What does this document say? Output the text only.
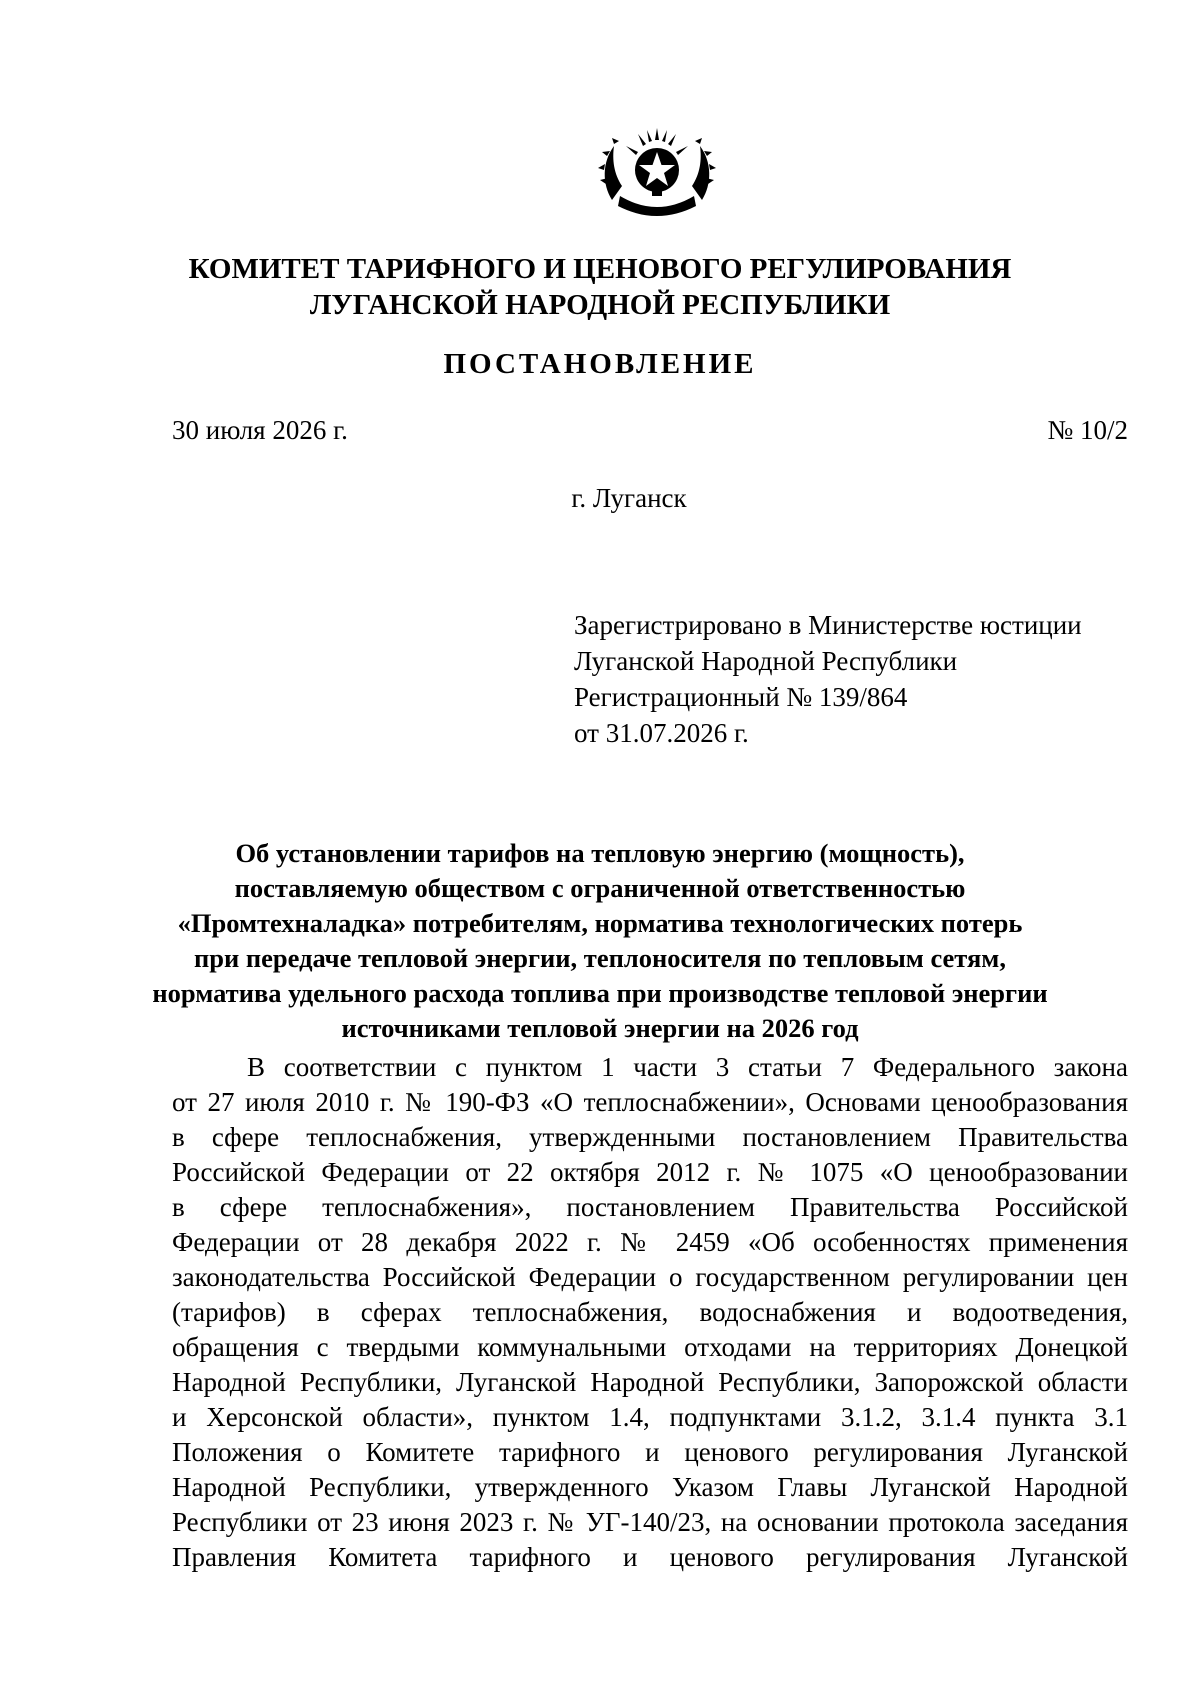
КОМИТЕТ ТАРИФНОГО И ЦЕНОВОГО РЕГУЛИРОВАНИЯ
ЛУГАНСКОЙ НАРОДНОЙ РЕСПУБЛИКИ
ПОСТАНОВЛЕНИЕ
30 июля 2026 г.	№ 10/2
г. Луганск
Зарегистрировано в Министерстве юстиции
Луганской Народной Республики
Регистрационный № 139/864
от 31.07.2026 г.
Об установлении тарифов на тепловую энергию (мощность),
поставляемую обществом с ограниченной ответственностью
«Промтехналадка» потребителям, норматива технологических потерь
при передаче тепловой энергии, теплоносителя по тепловым сетям,
норматива удельного расхода топлива при производстве тепловой энергии
источниками тепловой энергии на 2026 год
В соответствии с пунктом 1 части 3 статьи 7 Федерального закона
от 27 июля 2010 г. № 190-ФЗ «О теплоснабжении», Основами ценообразования
в сфере теплоснабжения, утвержденными постановлением Правительства
Российской Федерации от 22 октября 2012 г. № 1075 «О ценообразовании
в сфере теплоснабжения», постановлением Правительства Российской
Федерации от 28 декабря 2022 г. № 2459 «Об особенностях применения
законодательства Российской Федерации о государственном регулировании цен
(тарифов) в сферах теплоснабжения, водоснабжения и водоотведения,
обращения с твердыми коммунальными отходами на территориях Донецкой
Народной Республики, Луганской Народной Республики, Запорожской области
и Херсонской области», пунктом 1.4, подпунктами 3.1.2, 3.1.4 пункта 3.1
Положения о Комитете тарифного и ценового регулирования Луганской
Народной Республики, утвержденного Указом Главы Луганской Народной
Республики от 23 июня 2023 г. № УГ-140/23, на основании протокола заседания
Правления Комитета тарифного и ценового регулирования Луганской
